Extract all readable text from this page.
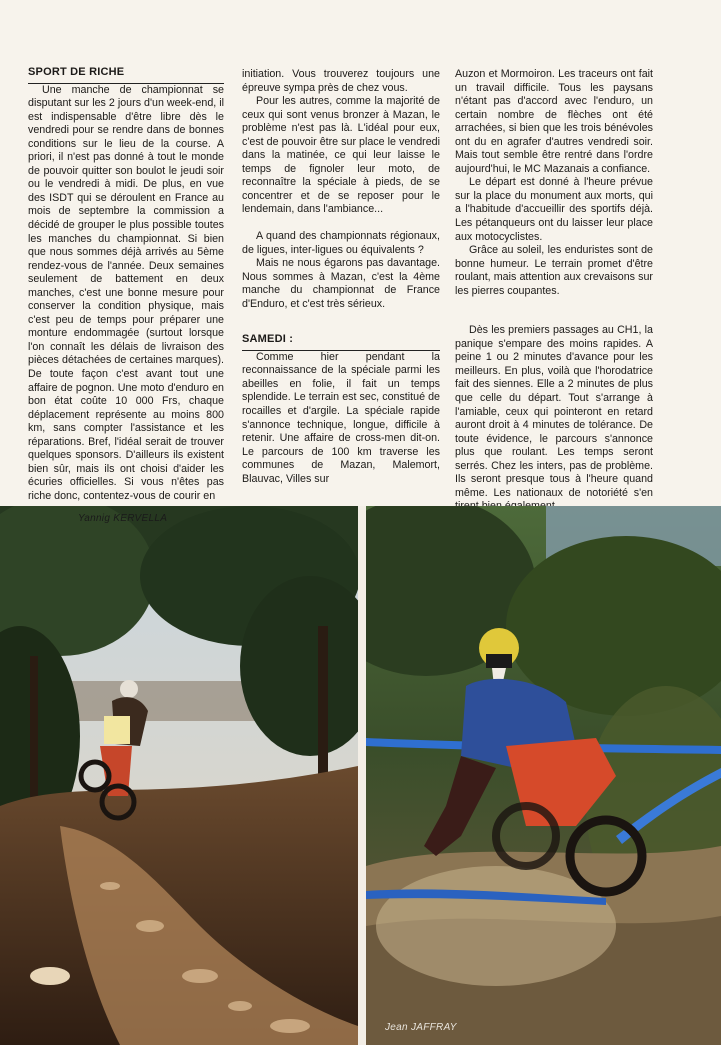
SPORT DE RICHE

Une manche de championnat se disputant sur les 2 jours d'un week-end, il est indispensable d'être libre dès le vendredi pour se rendre dans de bonnes conditions sur le lieu de la course. A priori, il n'est pas donné à tout le monde de pouvoir quitter son boulot le jeudi soir ou le vendredi à midi. De plus, en vue des ISDT qui se déroulent en France au mois de septembre la commission a décidé de grouper le plus possible toutes les manches du championnat. Si bien que nous sommes déjà arrivés au 5ème rendez-vous de l'année. Deux semaines seulement de battement en deux manches, c'est une bonne mesure pour conserver la condition physique, mais c'est peu de temps pour préparer une monture endommagée (surtout lorsque l'on connaît les délais de livraison des pièces détachées de certaines marques). De toute façon c'est avant tout une affaire de pognon. Une moto d'enduro en bon état coûte 10 000 Frs, chaque déplacement représente au moins 800 km, sans compter l'assistance et les réparations. Bref, l'idéal serait de trouver quelques sponsors. D'ailleurs ils existent bien sûr, mais ils ont choisi d'aider les écuries officielles. Si vous n'êtes pas riche donc, contentez-vous de courir en

initiation. Vous trouverez toujours une épreuve sympa près de chez vous.

Pour les autres, comme la majorité de ceux qui sont venus bronzer à Mazan, le problème n'est pas là. L'idéal pour eux, c'est de pouvoir être sur place le vendredi dans la matinée, ce qui leur laisse le temps de fignoler leur moto, de reconnaître la spéciale à pieds, de se concentrer et de se reposer pour le lendemain, dans l'ambiance...

A quand des championnats régionaux, de ligues, inter-ligues ou équivalents ?

Mais ne nous égarons pas davantage. Nous sommes à Mazan, c'est la 4ème manche du championnat de France d'Enduro, et c'est très sérieux.

SAMEDI :

Comme hier pendant la reconnaissance de la spéciale parmi les abeilles en folie, il fait un temps splendide. Le terrain est sec, constitué de rocailles et d'argile. La spéciale rapide s'annonce technique, longue, difficile à retenir. Une affaire de cross-men dit-on. Le parcours de 100 km traverse les communes de Mazan, Malemort, Blauvac, Villes sur

Auzon et Mormoiron. Les traceurs ont fait un travail difficile. Tous les paysans n'étant pas d'accord avec l'enduro, un certain nombre de flèches ont été arrachées, si bien que les trois bénévoles ont du en agrafer d'autres vendredi soir. Mais tout semble être rentré dans l'ordre aujourd'hui, le MC Mazanais a confiance.

Le départ est donné à l'heure prévue sur la place du monument aux morts, qui a l'habitude d'accueillir des sportifs déjà. Les pétanqueurs ont du laisser leur place aux motocyclistes.

Grâce au soleil, les enduristes sont de bonne humeur. Le terrain promet d'être roulant, mais attention aux crevaisons sur les pierres coupantes.

Dès les premiers passages au CH1, la panique s'empare des moins rapides. A peine 1 ou 2 minutes d'avance pour les meilleurs. En plus, voilà que l'horodatrice fait des siennes. Elle a 2 minutes de plus que celle du départ. Tout s'arrange à l'amiable, ceux qui pointeront en retard auront droit à 4 minutes de tolérance. De toute évidence, le parcours s'annonce plus que roulant. Les temps seront serrés. Chez les inters, pas de problème. Ils seront presque tous à l'heure quand même. Les nationaux de notoriété s'en

Yannig KERVELLA
Jean JAFFRAY
